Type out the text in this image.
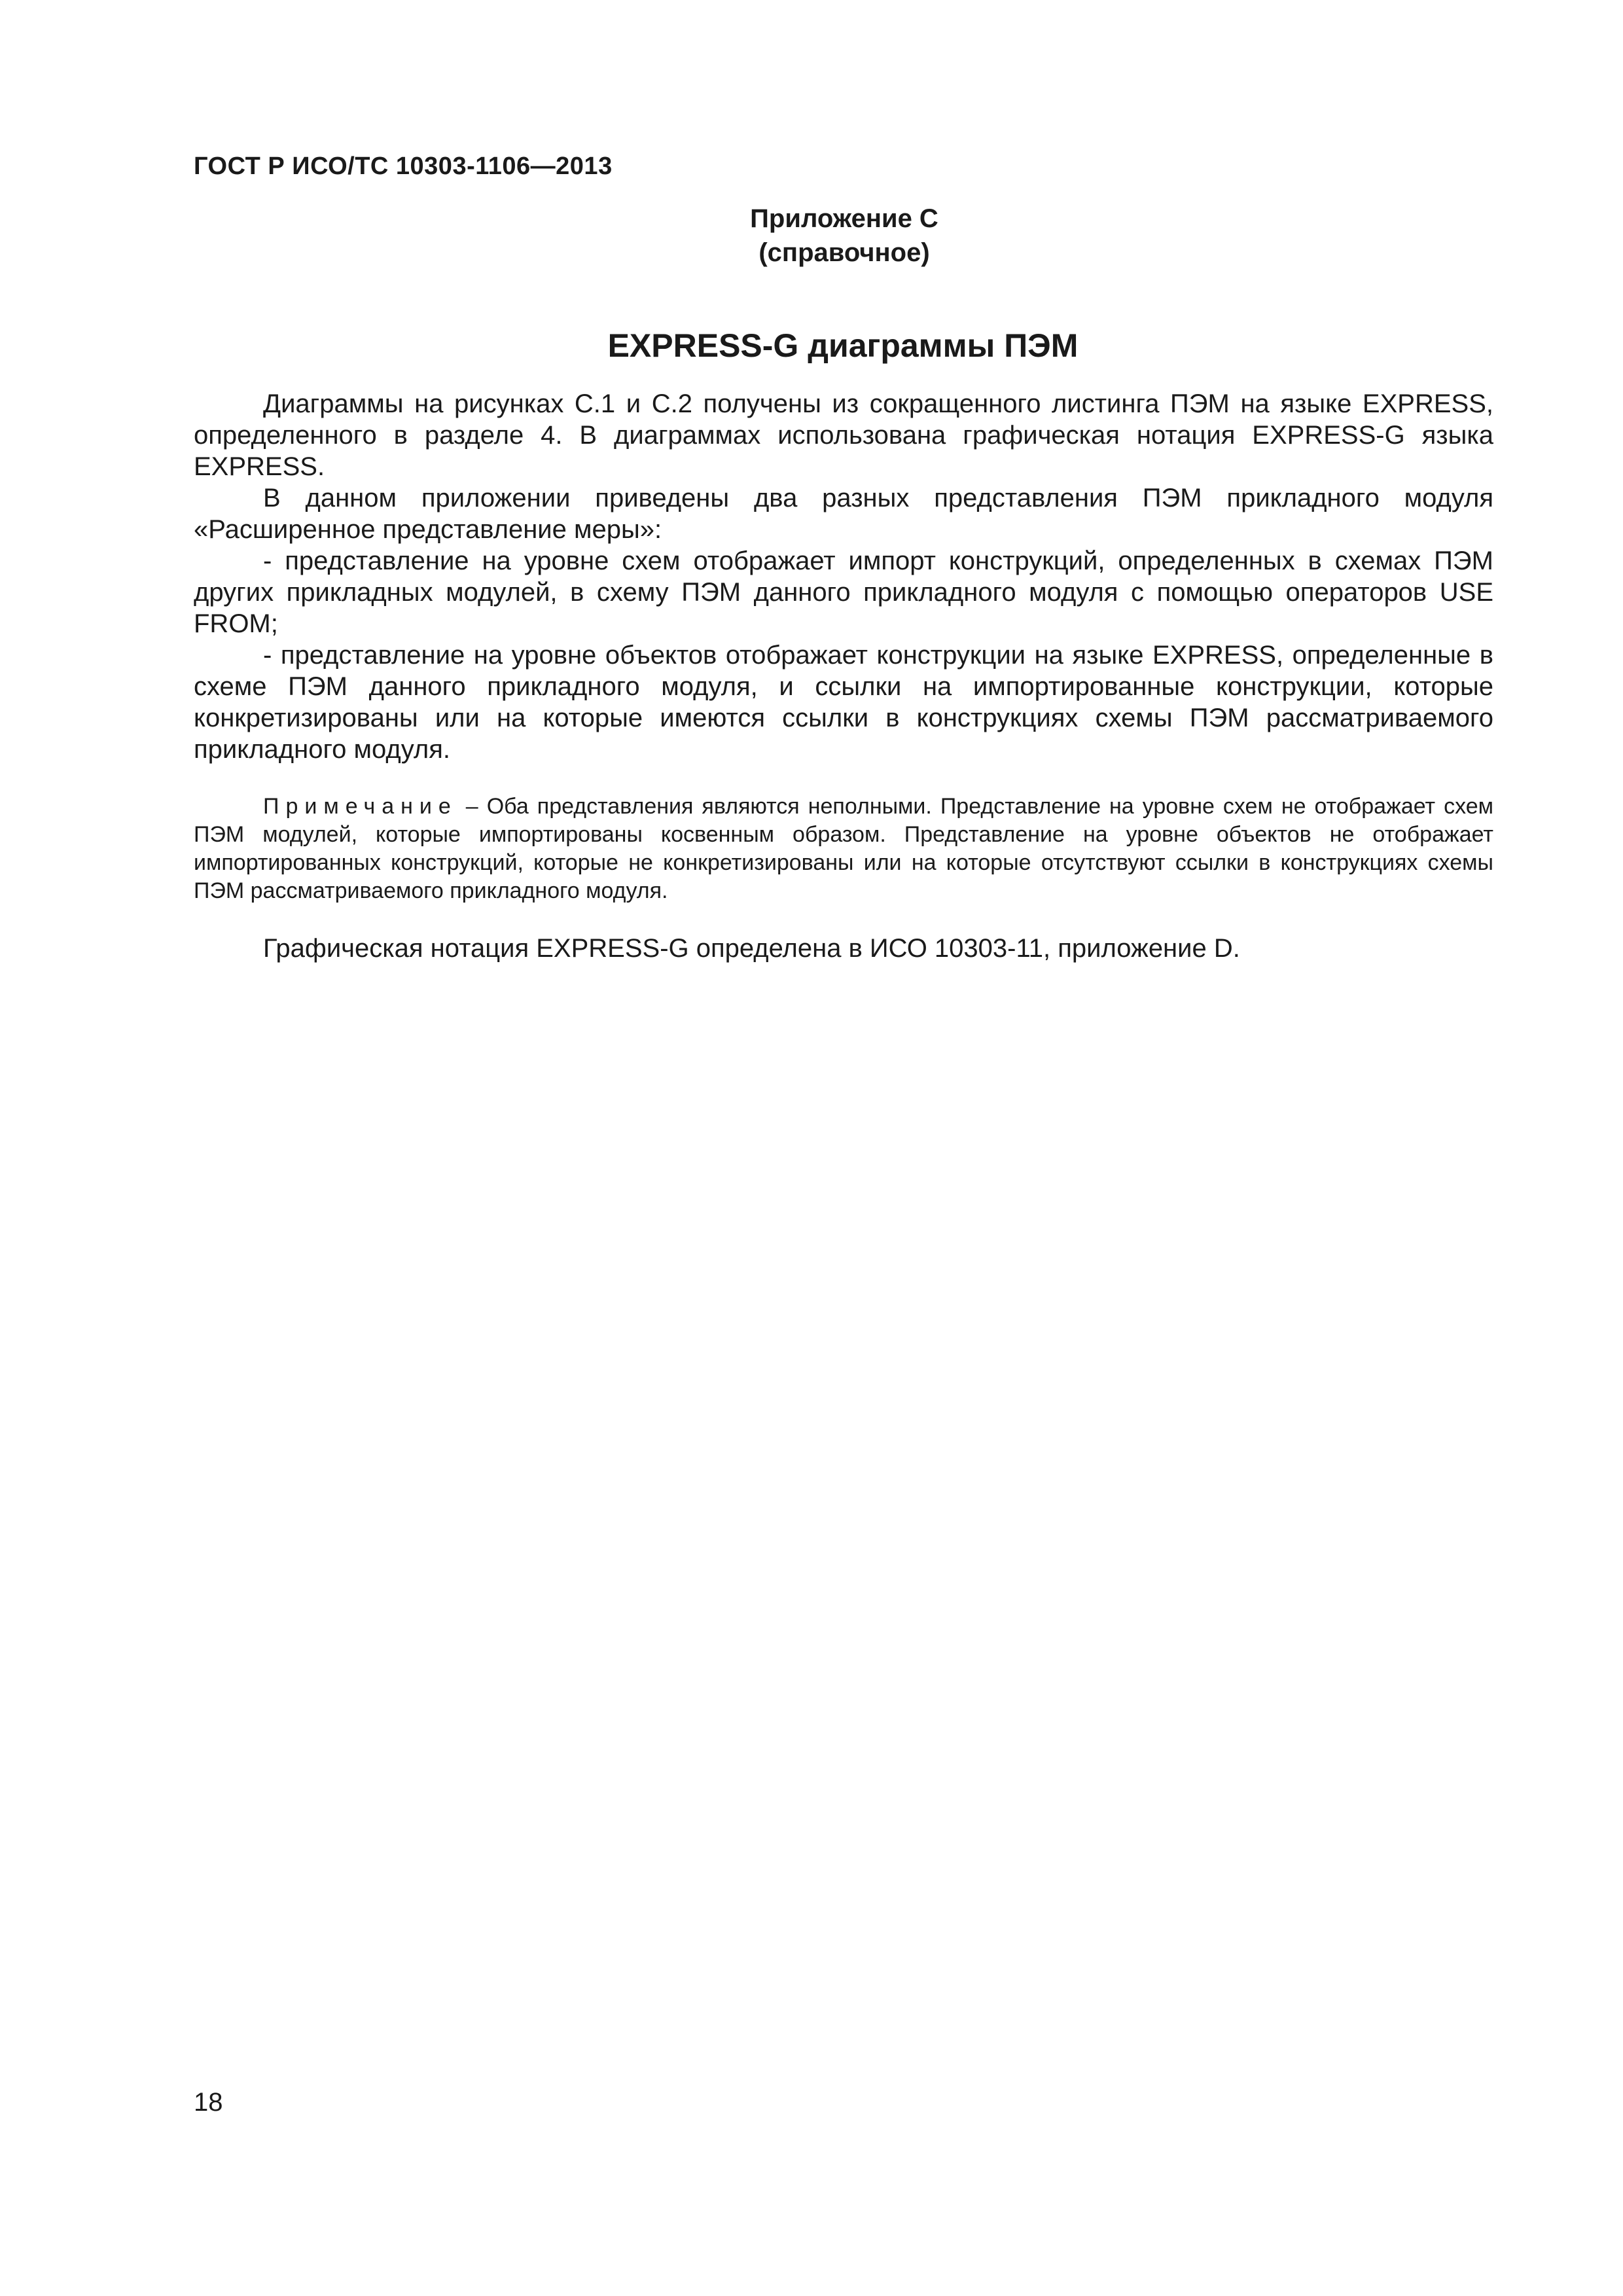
ГОСТ Р ИСО/ТС 10303-1106—2013
Приложение C
(справочное)
EXPRESS-G диаграммы ПЭМ

Диаграммы на рисунках C.1 и C.2 получены из сокращенного листинга ПЭМ на языке EXPRESS, определенного в разделе 4. В диаграммах использована графическая нотация EXPRESS-G языка EXPRESS.

В данном приложении приведены два разных представления ПЭМ прикладного модуля «Расширенное представление меры»:

- представление на уровне схем отображает импорт конструкций, определенных в схемах ПЭМ других прикладных модулей, в схему ПЭМ данного прикладного модуля с помощью операторов USE FROM;

- представление на уровне объектов отображает конструкции на языке EXPRESS, определенные в схеме ПЭМ данного прикладного модуля, и ссылки на импортированные конструкции, которые конкретизированы или на которые имеются ссылки в конструкциях схемы ПЭМ рассматриваемого прикладного модуля.

Примечание – Оба представления являются неполными. Представление на уровне схем не отображает схем ПЭМ модулей, которые импортированы косвенным образом. Представление на уровне объектов не отображает импортированных конструкций, которые не конкретизированы или на которые отсутствуют ссылки в конструкциях схемы ПЭМ рассматриваемого прикладного модуля.

Графическая нотация EXPRESS-G определена в ИСО 10303-11, приложение D.

18
